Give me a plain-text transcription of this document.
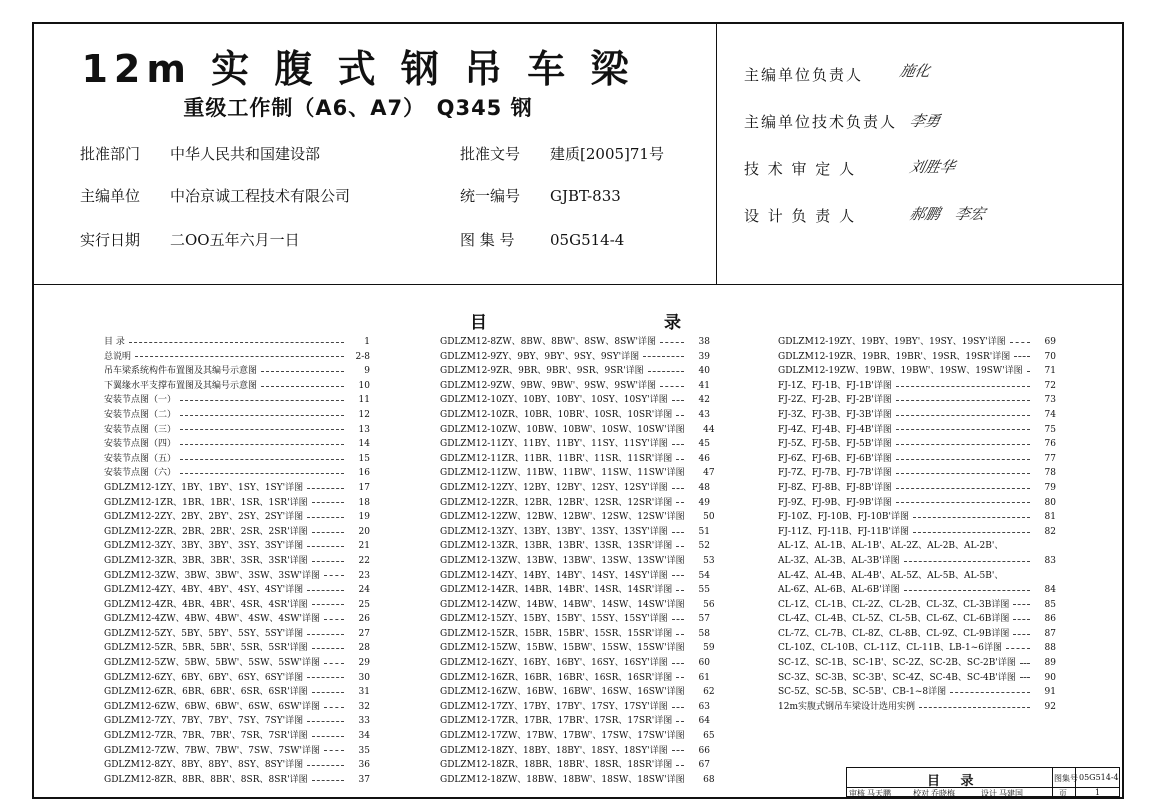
12m 实 腹 式 钢 吊 车 梁
重级工作制（A6、A7）　Q345 钢
批准部门 中华人民共和国建设部
主编单位 中冶京诚工程技术有限公司
实行日期 二OO五年六月一日
批准文号 建质[2005]71号
统一编号 GJBT-833
图 集 号 05G514-4
主编单位负责人 施化
主编单位技术负责人 李勇
技 术 审 定 人	刘胜华
设 计 负 责 人	郝鹏　李宏
目	录
目 录	1
总说明	2-8
吊车梁系统构件布置图及其编号示意图	9
下翼缘水平支撑布置图及其编号示意图	10
安装节点图（一）	11
安装节点图（二）	12
安装节点图（三）	13
安装节点图（四）	14
安装节点图（五）	15
安装节点图（六）	16
GDLZM12-1ZY、1BY、1BY'、1SY、1SY'详图	17
GDLZM12-1ZR、1BR、1BR'、1SR、1SR'详图	18
GDLZM12-2ZY、2BY、2BY'、2SY、2SY'详图	19
GDLZM12-2ZR、2BR、2BR'、2SR、2SR'详图	20
GDLZM12-3ZY、3BY、3BY'、3SY、3SY'详图	21
GDLZM12-3ZR、3BR、3BR'、3SR、3SR'详图	22
GDLZM12-3ZW、3BW、3BW'、3SW、3SW'详图	23
GDLZM12-4ZY、4BY、4BY'、4SY、4SY'详图	24
GDLZM12-4ZR、4BR、4BR'、4SR、4SR'详图	25
GDLZM12-4ZW、4BW、4BW'、4SW、4SW'详图	26
GDLZM12-5ZY、5BY、5BY'、5SY、5SY'详图	27
GDLZM12-5ZR、5BR、5BR'、5SR、5SR'详图	28
GDLZM12-5ZW、5BW、5BW'、5SW、5SW'详图	29
GDLZM12-6ZY、6BY、6BY'、6SY、6SY'详图	30
GDLZM12-6ZR、6BR、6BR'、6SR、6SR'详图	31
GDLZM12-6ZW、6BW、6BW'、6SW、6SW'详图	32
GDLZM12-7ZY、7BY、7BY'、7SY、7SY'详图	33
GDLZM12-7ZR、7BR、7BR'、7SR、7SR'详图	34
GDLZM12-7ZW、7BW、7BW'、7SW、7SW'详图	35
GDLZM12-8ZY、8BY、8BY'、8SY、8SY'详图	36
GDLZM12-8ZR、8BR、8BR'、8SR、8SR'详图	37
GDLZM12-8ZW、8BW、8BW'、8SW、8SW'详图	38
GDLZM12-9ZY、9BY、9BY'、9SY、9SY'详图	39
GDLZM12-9ZR、9BR、9BR'、9SR、9SR'详图	40
GDLZM12-9ZW、9BW、9BW'、9SW、9SW'详图	41
GDLZM12-10ZY、10BY、10BY'、10SY、10SY'详图	42
GDLZM12-10ZR、10BR、10BR'、10SR、10SR'详图	43
GDLZM12-10ZW、10BW、10BW'、10SW、10SW'详图	44
GDLZM12-11ZY、11BY、11BY'、11SY、11SY'详图	45
GDLZM12-11ZR、11BR、11BR'、11SR、11SR'详图	46
GDLZM12-11ZW、11BW、11BW'、11SW、11SW'详图	47
GDLZM12-12ZY、12BY、12BY'、12SY、12SY'详图	48
GDLZM12-12ZR、12BR、12BR'、12SR、12SR'详图	49
GDLZM12-12ZW、12BW、12BW'、12SW、12SW'详图	50
GDLZM12-13ZY、13BY、13BY'、13SY、13SY'详图	51
GDLZM12-13ZR、13BR、13BR'、13SR、13SR'详图	52
GDLZM12-13ZW、13BW、13BW'、13SW、13SW'详图	53
GDLZM12-14ZY、14BY、14BY'、14SY、14SY'详图	54
GDLZM12-14ZR、14BR、14BR'、14SR、14SR'详图	55
GDLZM12-14ZW、14BW、14BW'、14SW、14SW'详图	56
GDLZM12-15ZY、15BY、15BY'、15SY、15SY'详图	57
GDLZM12-15ZR、15BR、15BR'、15SR、15SR'详图	58
GDLZM12-15ZW、15BW、15BW'、15SW、15SW'详图	59
GDLZM12-16ZY、16BY、16BY'、16SY、16SY'详图	60
GDLZM12-16ZR、16BR、16BR'、16SR、16SR'详图	61
GDLZM12-16ZW、16BW、16BW'、16SW、16SW'详图	62
GDLZM12-17ZY、17BY、17BY'、17SY、17SY'详图	63
GDLZM12-17ZR、17BR、17BR'、17SR、17SR'详图	64
GDLZM12-17ZW、17BW、17BW'、17SW、17SW'详图	65
GDLZM12-18ZY、18BY、18BY'、18SY、18SY'详图	66
GDLZM12-18ZR、18BR、18BR'、18SR、18SR'详图	67
GDLZM12-18ZW、18BW、18BW'、18SW、18SW'详图	68
GDLZM12-19ZY、19BY、19BY'、19SY、19SY'详图	69
GDLZM12-19ZR、19BR、19BR'、19SR、19SR'详图	70
GDLZM12-19ZW、19BW、19BW'、19SW、19SW'详图	71
FJ-1Z、FJ-1B、FJ-1B'详图	72
FJ-2Z、FJ-2B、FJ-2B'详图	73
FJ-3Z、FJ-3B、FJ-3B'详图	74
FJ-4Z、FJ-4B、FJ-4B'详图	75
FJ-5Z、FJ-5B、FJ-5B'详图	76
FJ-6Z、FJ-6B、FJ-6B'详图	77
FJ-7Z、FJ-7B、FJ-7B'详图	78
FJ-8Z、FJ-8B、FJ-8B'详图	79
FJ-9Z、FJ-9B、FJ-9B'详图	80
FJ-10Z、FJ-10B、FJ-10B'详图	81
FJ-11Z、FJ-11B、FJ-11B'详图	82
AL-1Z、AL-1B、AL-1B'、AL-2Z、AL-2B、AL-2B'、
AL-3Z、AL-3B、AL-3B'详图	83
AL-4Z、AL-4B、AL-4B'、AL-5Z、AL-5B、AL-5B'、
AL-6Z、AL-6B、AL-6B'详图	84
CL-1Z、CL-1B、CL-2Z、CL-2B、CL-3Z、CL-3B详图	85
CL-4Z、CL-4B、CL-5Z、CL-5B、CL-6Z、CL-6B详图	86
CL-7Z、CL-7B、CL-8Z、CL-8B、CL-9Z、CL-9B详图	87
CL-10Z、CL-10B、CL-11Z、CL-11B、LB-1~6详图	88
SC-1Z、SC-1B、SC-1B'、SC-2Z、SC-2B、SC-2B'详图	89
SC-3Z、SC-3B、SC-3B'、SC-4Z、SC-4B、SC-4B'详图	90
SC-5Z、SC-5B、SC-5B'、CB-1~8详图	91
12m实腹式钢吊车梁设计选用实例	92
目 录	图集号 05G514-4
审核 马天鹏	校对 乔晓梅	设计 马建国	页	1
